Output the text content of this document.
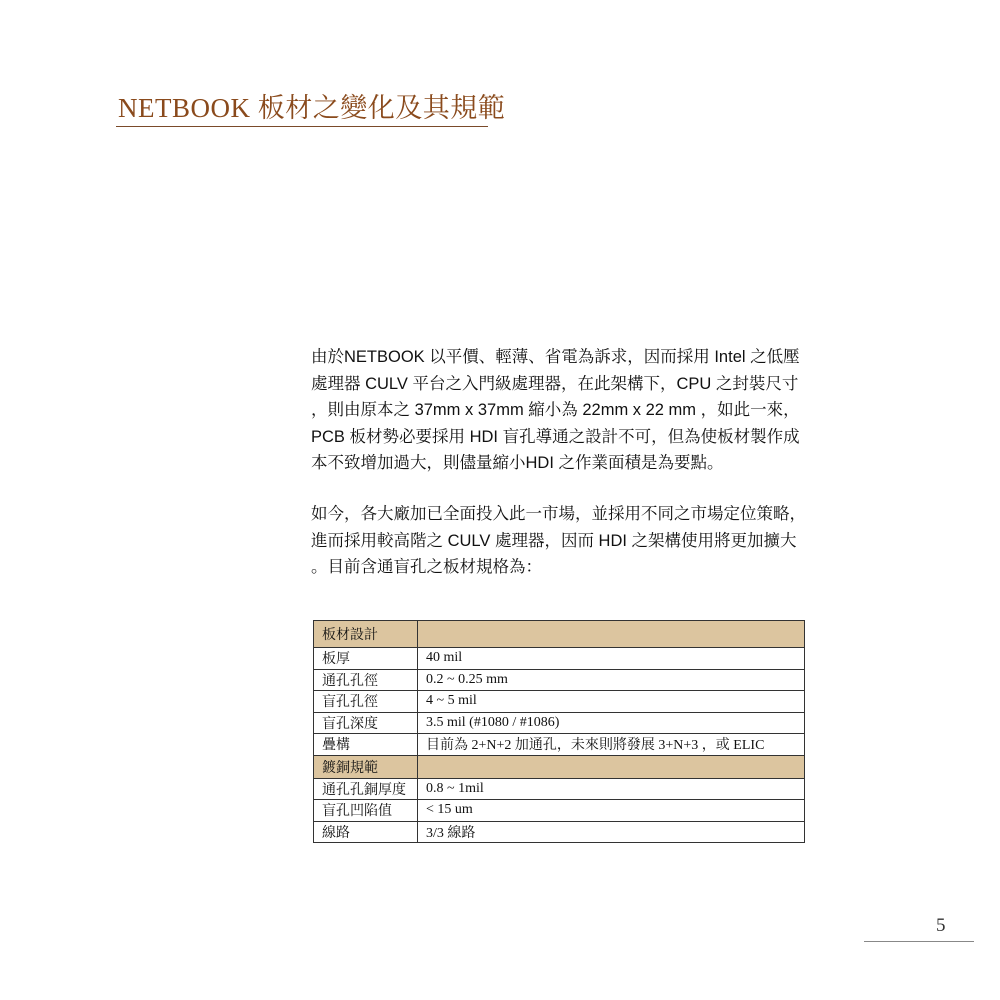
NETBOOK 板材之變化及其規範
由於NETBOOK 以平價、輕薄、省電為訴求，因而採用 Intel 之低壓
處理器 CULV 平台之入門級處理器，在此架構下，CPU 之封裝尺寸
，則由原本之 37mm x 37mm 縮小為 22mm x 22 mm ，如此一來，
PCB 板材勢必要採用 HDI 盲孔導通之設計不可，但為使板材製作成
本不致增加過大，則儘量縮小HDI 之作業面積是為要點。
如今，各大廠加已全面投入此一市場，並採用不同之市場定位策略，
進而採用較高階之 CULV 處理器，因而 HDI 之架構使用將更加擴大
。目前含通盲孔之板材規格為：
板材設計	
板厚	40 mil
通孔孔徑	0.2 ~ 0.25 mm
盲孔孔徑	4 ~ 5 mil
盲孔深度	3.5 mil (#1080 / #1086)
疊構	目前為 2+N+2 加通孔，未來則將發展 3+N+3 ，或 ELIC
鍍銅規範	
通孔孔銅厚度	0.8 ~ 1mil
盲孔凹陷值	< 15 um
線路	3/3 線路
5
